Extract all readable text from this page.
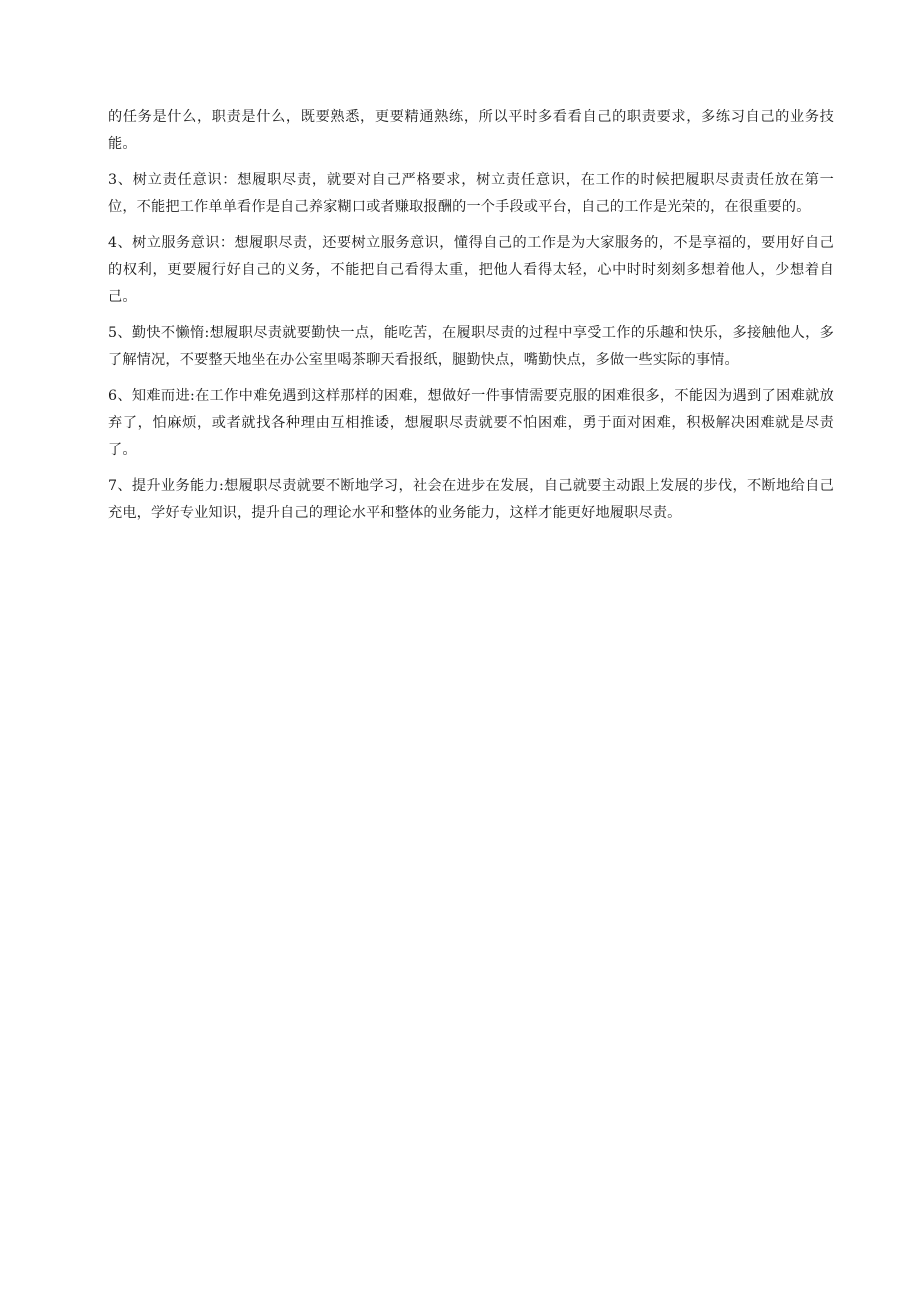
的任务是什么，职责是什么，既要熟悉，更要精通熟练，所以平时多看看自己的职责要求，多练习自己的业务技能。

3、树立责任意识：想履职尽责，就要对自己严格要求，树立责任意识，在工作的时候把履职尽责责任放在第一位，不能把工作单单看作是自己养家糊口或者赚取报酬的一个手段或平台，自己的工作是光荣的，在很重要的。

4、树立服务意识：想履职尽责，还要树立服务意识，懂得自己的工作是为大家服务的，不是享福的，要用好自己的权利，更要履行好自己的义务，不能把自己看得太重，把他人看得太轻，心中时时刻刻多想着他人，少想着自己。

5、勤快不懒惰:想履职尽责就要勤快一点，能吃苦，在履职尽责的过程中享受工作的乐趣和快乐，多接触他人，多了解情况，不要整天地坐在办公室里喝茶聊天看报纸，腿勤快点，嘴勤快点，多做一些实际的事情。

6、知难而进:在工作中难免遇到这样那样的困难，想做好一件事情需要克服的困难很多，不能因为遇到了困难就放弃了，怕麻烦，或者就找各种理由互相推诿，想履职尽责就要不怕困难，勇于面对困难，积极解决困难就是尽责了。

7、提升业务能力:想履职尽责就要不断地学习，社会在进步在发展，自己就要主动跟上发展的步伐，不断地给自己充电，学好专业知识，提升自己的理论水平和整体的业务能力，这样才能更好地履职尽责。
